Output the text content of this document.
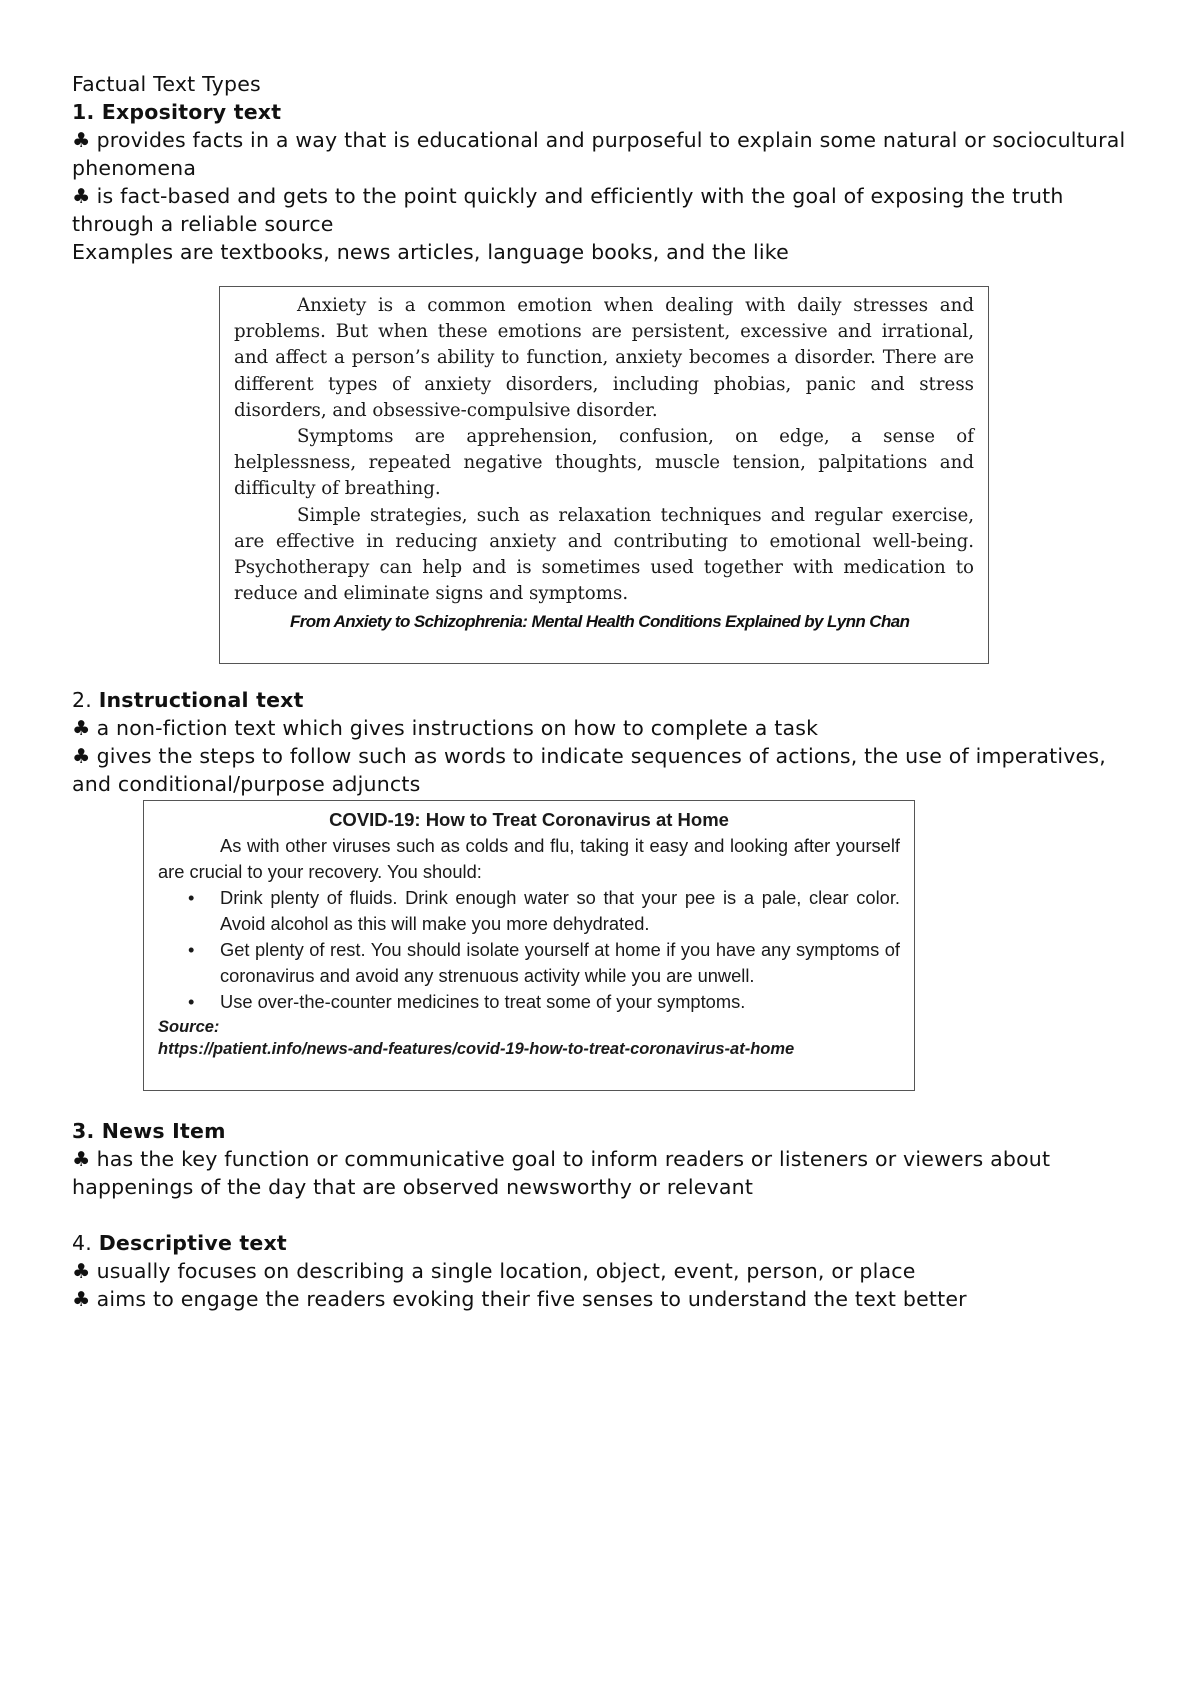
Factual Text Types

1. Expository text

♣ provides facts in a way that is educational and purposeful to explain some natural or sociocultural phenomena

♣ is fact-based and gets to the point quickly and efficiently with the goal of exposing the truth through a reliable source

Examples are textbooks, news articles, language books, and the like

Anxiety is a common emotion when dealing with daily stresses and problems. But when these emotions are persistent, excessive and irrational, and affect a person’s ability to function, anxiety becomes a disorder. There are different types of anxiety disorders, including phobias, panic and stress disorders, and obsessive-compulsive disorder.

Symptoms are apprehension, confusion, on edge, a sense of helplessness, repeated negative thoughts, muscle tension, palpitations and difficulty of breathing.

Simple strategies, such as relaxation techniques and regular exercise, are effective in reducing anxiety and contributing to emotional well-being. Psychotherapy can help and is sometimes used together with medication to reduce and eliminate signs and symptoms.

From Anxiety to Schizophrenia: Mental Health Conditions Explained by Lynn Chan

2. Instructional text

♣ a non-fiction text which gives instructions on how to complete a task

♣ gives the steps to follow such as words to indicate sequences of actions, the use of imperatives, and conditional/purpose adjuncts

COVID-19: How to Treat Coronavirus at Home

As with other viruses such as colds and flu, taking it easy and looking after yourself are crucial to your recovery. You should:

• Drink plenty of fluids. Drink enough water so that your pee is a pale, clear color. Avoid alcohol as this will make you more dehydrated.
• Get plenty of rest. You should isolate yourself at home if you have any symptoms of coronavirus and avoid any strenuous activity while you are unwell.
• Use over-the-counter medicines to treat some of your symptoms.
Source:
https://patient.info/news-and-features/covid-19-how-to-treat-coronavirus-at-home

3. News Item

♣ has the key function or communicative goal to inform readers or listeners or viewers about happenings of the day that are observed newsworthy or relevant

4. Descriptive text

♣ usually focuses on describing a single location, object, event, person, or place

♣ aims to engage the readers evoking their five senses to understand the text better
